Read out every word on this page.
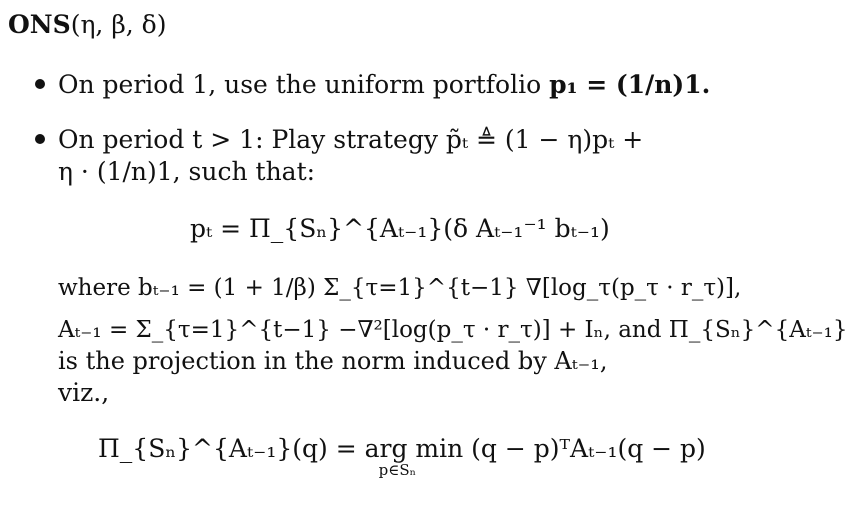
ONS(η, β, δ)
On period 1, use the uniform portfolio p₁ = (1/n)1.
On period t > 1: Play strategy p̃ₜ ≜ (1 − η)pₜ +
η · (1/n)1, such that:
pₜ = Π_{Sₙ}^{Aₜ₋₁}(δ Aₜ₋₁⁻¹ bₜ₋₁)
where bₜ₋₁ = (1 + 1/β) Σ_{τ=1}^{t−1} ∇[log_τ(p_τ · r_τ)],
Aₜ₋₁ = Σ_{τ=1}^{t−1} −∇²[log(p_τ · r_τ)] + Iₙ, and Π_{Sₙ}^{Aₜ₋₁}
is the projection in the norm induced by Aₜ₋₁,
viz.,
Π_{Sₙ}^{Aₜ₋₁}(q) = arg min
p∈Sₙ
(q − p)ᵀAₜ₋₁(q − p)
